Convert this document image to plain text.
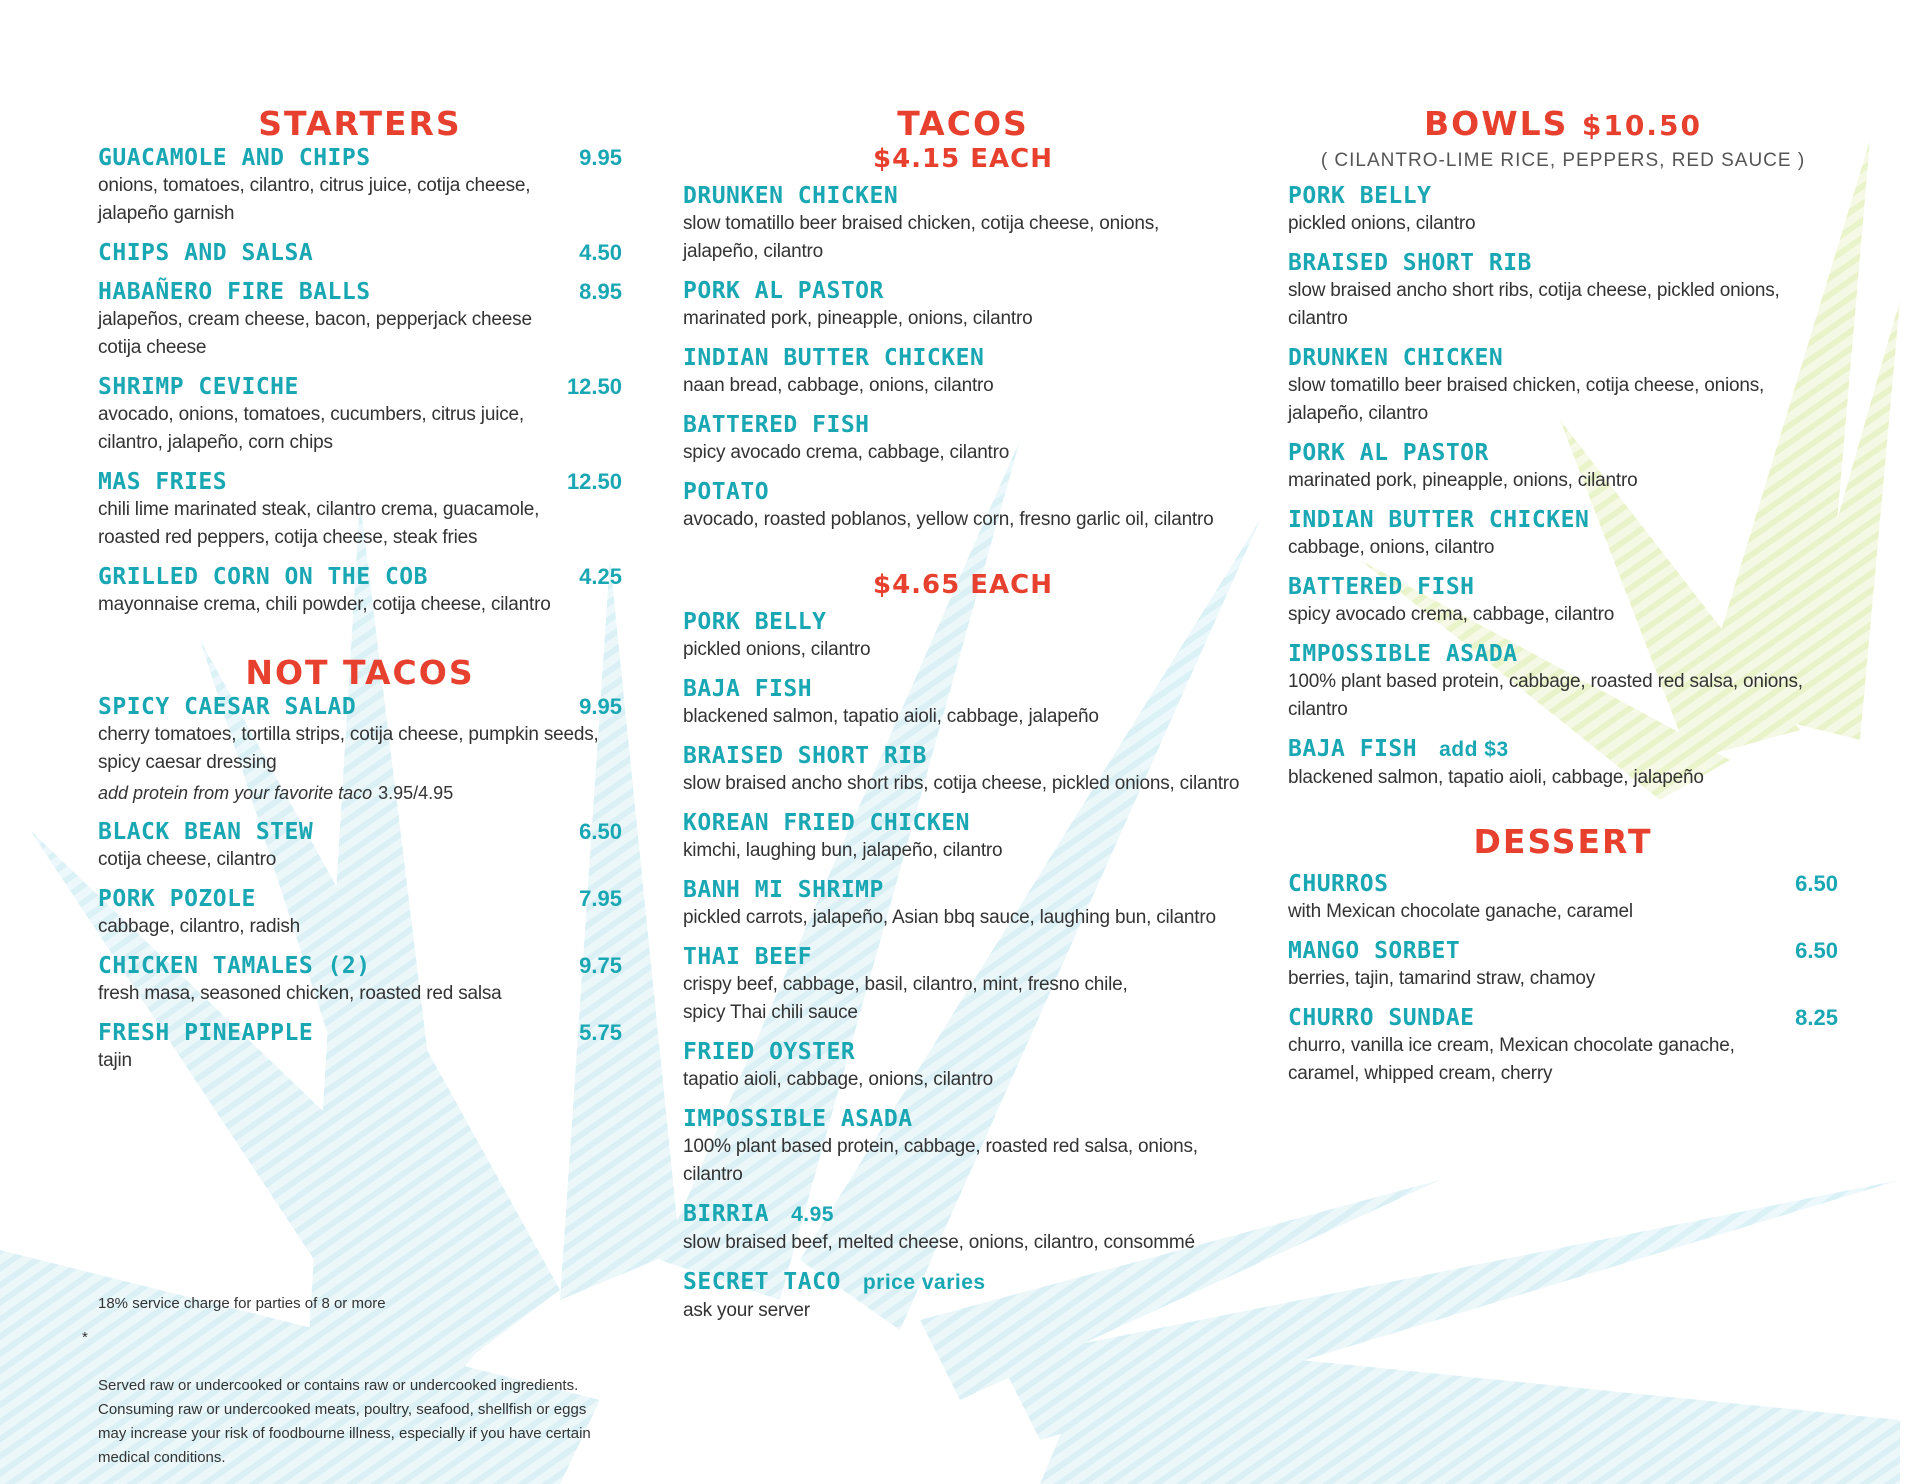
STARTERS
GUACAMOLE AND CHIPS	9.95
onions, tomatoes, cilantro, citrus juice, cotija cheese,
jalapeño garnish
CHIPS AND SALSA	4.50
HABAÑERO FIRE BALLS	8.95
jalapeños, cream cheese, bacon, pepperjack cheese
cotija cheese
SHRIMP CEVICHE	12.50
avocado, onions, tomatoes, cucumbers, citrus juice,
cilantro, jalapeño, corn chips
MAS FRIES	12.50
chili lime marinated steak, cilantro crema, guacamole,
roasted red peppers, cotija cheese, steak fries
GRILLED CORN ON THE COB	4.25
mayonnaise crema, chili powder, cotija cheese, cilantro
NOT TACOS
SPICY CAESAR SALAD	9.95
cherry tomatoes, tortilla strips, cotija cheese, pumpkin seeds,
spicy caesar dressing
add protein from your favorite taco 3.95/4.95
BLACK BEAN STEW	6.50
cotija cheese, cilantro
PORK POZOLE	7.95
cabbage, cilantro, radish
CHICKEN TAMALES (2)	9.75
fresh masa, seasoned chicken, roasted red salsa
FRESH PINEAPPLE	5.75
tajin
TACOS
$4.15 EACH
DRUNKEN CHICKEN
slow tomatillo beer braised chicken, cotija cheese, onions,
jalapeño, cilantro
PORK AL PASTOR
marinated pork, pineapple, onions, cilantro
INDIAN BUTTER CHICKEN
naan bread, cabbage, onions, cilantro
BATTERED FISH
spicy avocado crema, cabbage, cilantro
POTATO
avocado, roasted poblanos, yellow corn, fresno garlic oil, cilantro
$4.65 EACH
PORK BELLY
pickled onions, cilantro
BAJA FISH
blackened salmon, tapatio aioli, cabbage, jalapeño
BRAISED SHORT RIB
slow braised ancho short ribs, cotija cheese, pickled onions, cilantro
KOREAN FRIED CHICKEN
kimchi, laughing bun, jalapeño, cilantro
BANH MI SHRIMP
pickled carrots, jalapeño, Asian bbq sauce, laughing bun, cilantro
THAI BEEF
crispy beef, cabbage, basil, cilantro, mint, fresno chile,
spicy Thai chili sauce
FRIED OYSTER
tapatio aioli, cabbage, onions, cilantro
IMPOSSIBLE ASADA
100% plant based protein, cabbage, roasted red salsa, onions, cilantro
BIRRIA 4.95
slow braised beef, melted cheese, onions, cilantro, consommé
SECRET TACO price varies
ask your server
BOWLS $10.50
( CILANTRO-LIME RICE, PEPPERS, RED SAUCE )
PORK BELLY
pickled onions, cilantro
BRAISED SHORT RIB
slow braised ancho short ribs, cotija cheese, pickled onions, cilantro
DRUNKEN CHICKEN
slow tomatillo beer braised chicken, cotija cheese, onions,
jalapeño, cilantro
PORK AL PASTOR
marinated pork, pineapple, onions, cilantro
INDIAN BUTTER CHICKEN
cabbage, onions, cilantro
BATTERED FISH
spicy avocado crema, cabbage, cilantro
IMPOSSIBLE ASADA
100% plant based protein, cabbage, roasted red salsa, onions, cilantro
BAJA FISH add $3
blackened salmon, tapatio aioli, cabbage, jalapeño
DESSERT
CHURROS	6.50
with Mexican chocolate ganache, caramel
MANGO SORBET	6.50
berries, tajin, tamarind straw, chamoy
CHURRO SUNDAE	8.25
churro, vanilla ice cream, Mexican chocolate ganache,
caramel, whipped cream, cherry
18% service charge for parties of 8 or more

*

Served raw or undercooked or contains raw or undercooked ingredients.
Consuming raw or undercooked meats, poultry, seafood, shellfish or eggs
may increase your risk of foodbourne illness, especially if you have certain
medical conditions.
